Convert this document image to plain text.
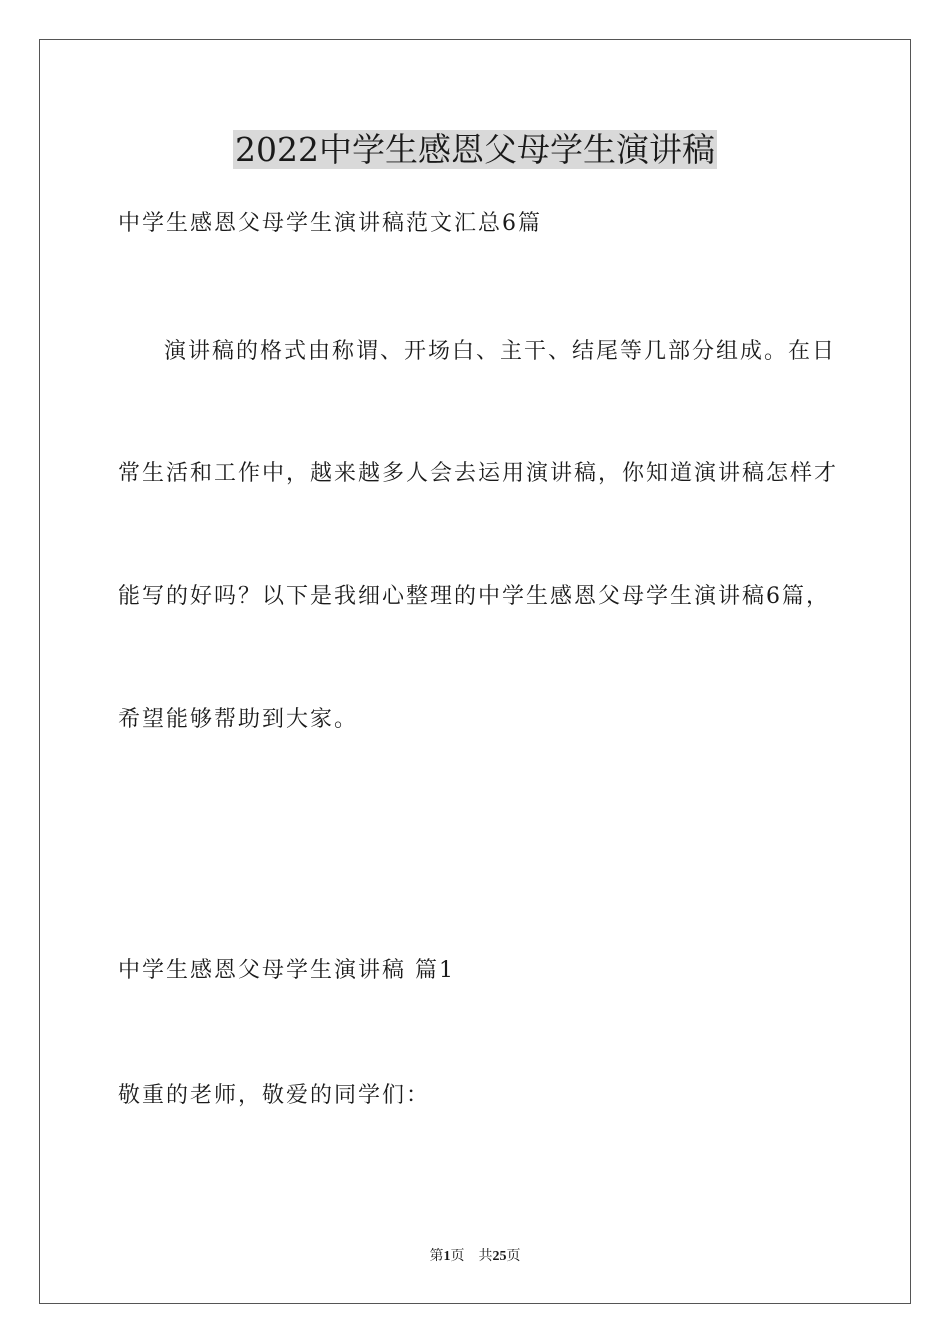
2022中学生感恩父母学生演讲稿
中学生感恩父母学生演讲稿范文汇总6篇
演讲稿的格式由称谓、开场白、主干、结尾等几部分组成。在日
常生活和工作中，越来越多人会去运用演讲稿，你知道演讲稿怎样才
能写的好吗？以下是我细心整理的中学生感恩父母学生演讲稿6篇，
希望能够帮助到大家。
中学生感恩父母学生演讲稿 篇1
敬重的老师，敬爱的同学们：
第1页 共25页
